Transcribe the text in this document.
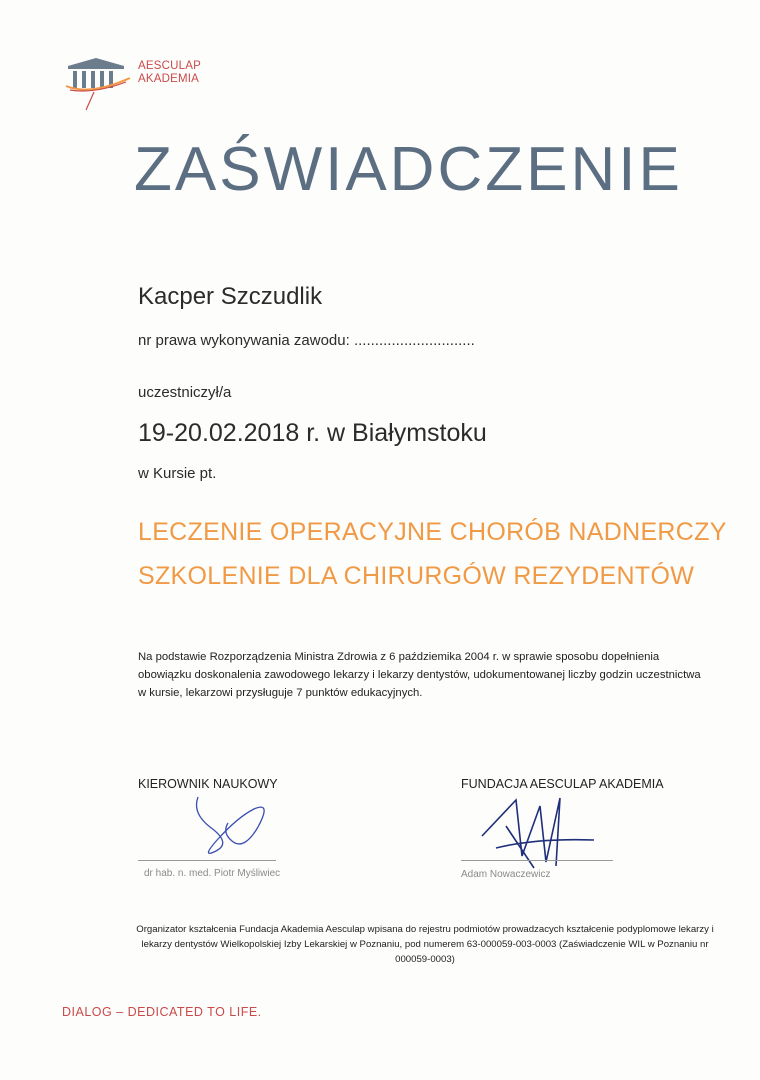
AESCULAP
AKADEMIA
ZAŚWIADCZENIE
Kacper Szczudlik
nr prawa wykonywania zawodu: .............................
uczestniczył/a
19-20.02.2018 r. w Białymstoku
w Kursie pt.
LECZENIE OPERACYJNE CHORÓB NADNERCZY
SZKOLENIE DLA CHIRURGÓW REZYDENTÓW
Na podstawie Rozporządzenia Ministra Zdrowia z 6 paździemika 2004 r. w sprawie sposobu dopełnienia obowiązku doskonalenia zawodowego lekarzy i lekarzy dentystów, udokumentowanej liczby godzin uczestnictwa w kursie, lekarzowi przysługuje 7 punktów edukacyjnych.
KIEROWNIK NAUKOWY
dr hab. n. med. Piotr Myśliwiec
FUNDACJA AESCULAP AKADEMIA
Adam Nowaczewicz
Organizator kształcenia Fundacja Akademia Aesculap wpisana do rejestru podmiotów prowadzacych kształcenie podyplomowe lekarzy i lekarzy dentystów Wielkopolskiej Izby Lekarskiej w Poznaniu, pod numerem 63-000059-003-0003 (Zaświadczenie WIL w Poznaniu nr 000059-0003)
DIALOG – DEDICATED TO LIFE.
